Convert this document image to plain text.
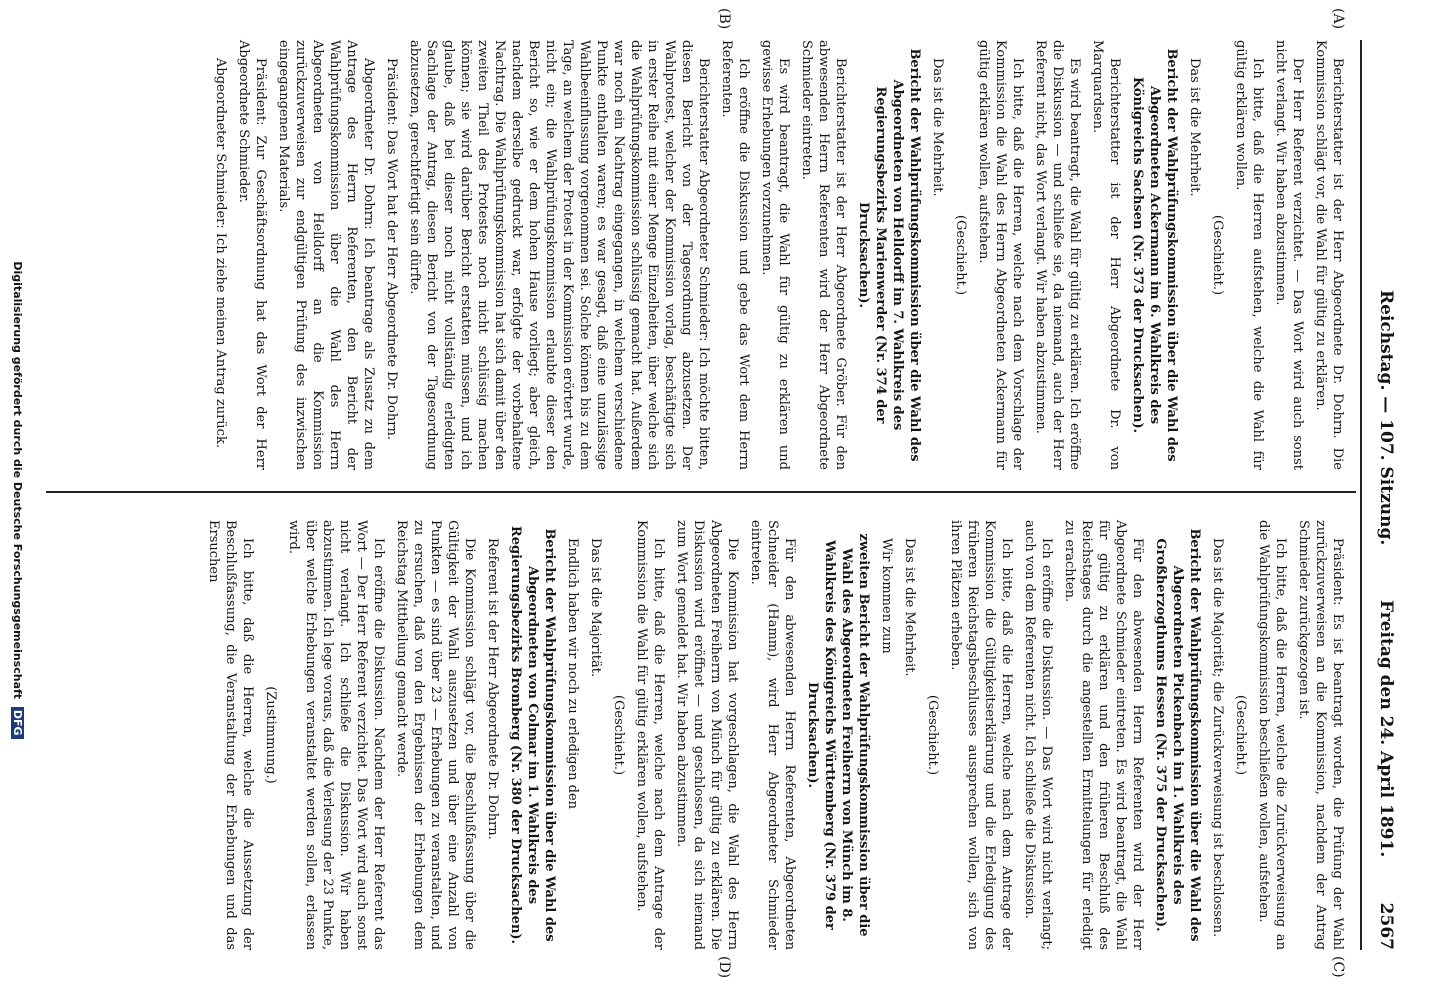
Reichstag. — 107. Sitzung.
Freitag den 24. April 1891.
2567
(A)
(B)
(C)
(D)

Berichterstatter ist der Herr Abgeordnete Dr. Dohrn. Die Kommission schlägt vor, die Wahl für gültig zu erklären.

Der Herr Referent verzichtet. — Das Wort wird auch sonst nicht verlangt. Wir haben abzustimmen.

Ich bitte, daß die Herren aufstehen, welche die Wahl für gültig erklären wollen.

(Geschieht.)

Das ist die Mehrheit.

Bericht der Wahlprüfungskommission über die Wahl des Abgeordneten Ackermann im 6. Wahlkreis des Königreichs Sachsen (Nr. 373 der Drucksachen).

Berichterstatter ist der Herr Abgeordnete Dr. von Marquardsen.

Es wird beantragt, die Wahl für gültig zu erklären. Ich eröffne die Diskussion — und schließe sie, da niemand, auch der Herr Referent nicht, das Wort verlangt. Wir haben abzustimmen.

Ich bitte, daß die Herren, welche nach dem Vorschlage der Kommission die Wahl des Herrn Abgeordneten Ackermann für gültig erklären wollen, aufstehen.

(Geschieht.)

Das ist die Mehrheit.

Bericht der Wahlprüfungskommission über die Wahl des Abgeordneten von Helldorff im 7. Wahlkreis des Regierungsbezirks Marienwerder (Nr. 374 der Drucksachen).

Berichterstatter ist der Herr Abgeordnete Gröber. Für den abwesenden Herrn Referenten wird der Herr Abgeordnete Schmieder eintreten.

Es wird beantragt, die Wahl für gültig zu erklären und gewisse Erhebungen vorzunehmen.

Ich eröffne die Diskussion und gebe das Wort dem Herrn Referenten.

Berichterstatter Abgeordneter Schmieder: Ich möchte bitten, diesen Bericht von der Tagesordnung abzusetzen. Der Wahlprotest, welcher der Kommission vorlag, beschäftigte sich in erster Reihe mit einer Menge Einzelheiten, über welche sich die Wahlprüfungskommission schlüssig gemacht hat. Außerdem war noch ein Nachtrag eingegangen, in welchem verschiedene Punkte enthalten waren; es war gesagt, daß eine unzulässige Wahlbeeinflussung vorgenommen sei. Solche können bis zu dem Tage, an welchem der Protest in der Kommission erörtert wurde, nicht ein; die Wahlprüfungskommission erlaubte dieser den Bericht so, wie er dem hohen Hause vorliegt; aber gleich, nachdem derselbe gedruckt war, erfolgte der vorbehaltene Nachtrag. Die Wahlprüfungskommission hat sich damit über den zweiten Theil des Protestes noch nicht schlüssig machen können; sie wird darüber Bericht erstatten müssen, und ich glaube, daß bei dieser noch nicht vollständig erledigten Sachlage der Antrag, diesen Bericht von der Tagesordnung abzusetzen, gerechtfertigt sein dürfte.

Präsident: Das Wort hat der Herr Abgeordnete Dr. Dohrn.

Abgeordneter Dr. Dohrn: Ich beantrage als Zusatz zu dem Antrage des Herrn Referenten, den Bericht der Wahlprüfungskommission über die Wahl des Herrn Abgeordneten von Helldorff an die Kommission zurückzuverweisen zur endgültigen Prüfung des inzwischen eingegangenen Materials.

Präsident: Zur Geschäftsordnung hat das Wort der Herr Abgeordnete Schmieder.

Abgeordneter Schmieder: Ich ziehe meinen Antrag zurück.

Präsident: Es ist beantragt worden, die Prüfung der Wahl zurückzuverweisen an die Kommission, nachdem der Antrag Schmieder zurückgezogen ist.

Ich bitte, daß die Herren, welche die Zurückverweisung an die Wahlprüfungskommission beschließen wollen, aufstehen.

(Geschieht.)

Das ist die Majorität; die Zurückverweisung ist beschlossen.

Bericht der Wahlprüfungskommission über die Wahl des Abgeordneten Pickenbach im 1. Wahlkreis des Großherzogthums Hessen (Nr. 375 der Drucksachen).

Für den abwesenden Herrn Referenten wird der Herr Abgeordnete Schmieder eintreten. Es wird beantragt, die Wahl für gültig zu erklären und den früheren Beschluß des Reichstages durch die angestellten Ermittelungen für erledigt zu erachten.

Ich eröffne die Diskussion. — Das Wort wird nicht verlangt; auch von dem Referenten nicht. Ich schließe die Diskussion.

Ich bitte, daß die Herren, welche nach dem Antrage der Kommission die Gültigkeitserklärung und die Erledigung des früheren Reichstagsbeschlusses aussprechen wollen, sich von ihren Plätzen erheben.

(Geschieht.)

Das ist die Mehrheit.

Wir kommen zum

zweiten Bericht der Wahlprüfungskommission über die Wahl des Abgeordneten Freiherrn von Münch im 8. Wahlkreis des Königreichs Württemberg (Nr. 379 der Drucksachen).

Für den abwesenden Herrn Referenten, Abgeordneten Schneider (Hamm), wird Herr Abgeordneter Schmieder eintreten.

Die Kommission hat vorgeschlagen, die Wahl des Herrn Abgeordneten Freiherrn von Münch für gültig zu erklären. Die Diskussion wird eröffnet — und geschlossen, da sich niemand zum Wort gemeldet hat. Wir haben abzustimmen.

Ich bitte, daß die Herren, welche nach dem Antrage der Kommission die Wahl für gültig erklären wollen, aufstehen.

(Geschieht.)

Das ist die Majorität.

Endlich haben wir noch zu erledigen den

Bericht der Wahlprüfungskommission über die Wahl des Abgeordneten von Colmar im 1. Wahlkreis des Regierungsbezirks Bromberg (Nr. 380 der Drucksachen).

Referent ist der Herr Abgeordnete Dr. Dohrn.

Die Kommission schlägt vor, die Beschlußfassung über die Gültigkeit der Wahl auszusetzen und über eine Anzahl von Punkten — es sind über 23 — Erhebungen zu veranstalten, und zu ersuchen, daß von den Ergebnissen der Erhebungen dem Reichstag Mittheilung gemacht werde.

Ich eröffne die Diskussion. Nachdem der Herr Referent das Wort — Der Herr Referent verzichtet. Das Wort wird auch sonst nicht verlangt. Ich schließe die Diskussion. Wir haben abzustimmen. Ich lege voraus, daß die Verlesung der 23 Punkte, über welche Erhebungen veranstaltet werden sollen, erlassen wird.

(Zustimmung.)

Ich bitte, daß die Herren, welche die Aussetzung der Beschlußfassung, die Veranstaltung der Erhebungen und das Ersuchen

Digitalisierung gefördert durch die Deutsche Forschungsgemeinschaft DFG
